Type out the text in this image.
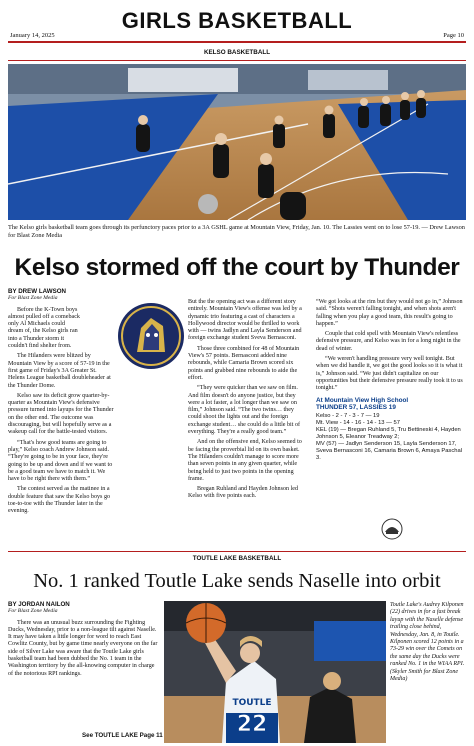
GIRLS BASKETBALL
January 14, 2025	Page 10
KELSO BASKETBALL
The Kelso girls basketball team goes through its perfunctory paces prior to a 3A GSHL game at Mountain View, Friday, Jan. 10. The Lassies went on to lose 57-19. — Drew Lawson for Blast Zone Media
Kelso stormed off the court by Thunder
BY DREW LAWSON
For Blast Zone Media

Before the K-Town boys almost pulled off a comeback only Al Michaels could dream of, the Kelso girls ran into a Thunder storm it couldn't find shelter from.

The Hilanders were blitzed by Mountain View by a score of 57-19 in the first game of Friday's 3A Greater St. Helens League basketball doubleheader at the Thunder Dome.

Kelso saw its deficit grow quarter-by-quarter as Mountain View's defensive pressure turned into layups for the Thunder on the other end. The outcome was discouraging, but will hopefully serve as a wakeup call for the battle-tested visitors.

“That's how good teams are going to play,” Kelso coach Andrew Johnson said. “They're going to be in your face, they're going to be up and down and if we want to be a good team we have to match it. We have to be right there with them.”

The contest served as the matinee in a double feature that saw the Kelso boys go toe-to-toe with the Thunder later in the evening.

But the the opening act was a different story entirely. Mountain View's offense was led by a dynamic trio featuring a cast of characters a Hollywood director would be thrilled to work with — twins Jadlyn and Layla Senderson and foreign exchange student Sveva Bernasconi.

Those three combined for 48 of Mountain View's 57 points. Bernasconi added nine rebounds, while Camaria Brown scored six points and grabbed nine rebounds to aide the effort.

“They were quicker than we saw on film. And film doesn't do anyone justice, but they were a lot faster, a lot longer than we saw on film,” Johnson said. “The two twins… they could shoot the lights out and the foreign exchange student… she could do a little bit of everything. They're a really good team.”

And on the offensive end, Kelso seemed to be facing the proverbial lid on its own basket. The Hilanders couldn't manage to score more than seven points in any given quarter, while being held to just two points in the opening frame.

Bregan Ruhland and Hayden Johnson led Kelso with five points each.

“We got looks at the rim but they would not go in,” Johnson said. “Shots weren't falling tonight, and when shots aren't falling when you play a good team, this result's going to happen.”

Couple that cold spell with Mountain View's relentless defensive pressure, and Kelso was in for a long night in the dead of winter.

“We weren't handling pressure very well tonight. But when we did handle it, we got the good looks so it is what it is,” Johnson said. “We just didn't capitalize on our opportunities but their defensive pressure really took it to us tonight.”

At Mountain View High School
THUNDER 57, LASSIES 19
Kelso - 2 - 7 - 3 - 7 — 19
Mt. View - 14 - 16 - 14 - 13 — 57
KEL (19) — Bregan Ruhland 5, Tru Bettineski 4, Hayden Johnson 5, Eleanor Treadway 2;
MV (57) — Jadlyn Senderson 15, Layla Senderson 17, Sveva Bernasconi 16, Camaria Brown 6, Amaya Paschal 3.
TOUTLE LAKE BASKETBALL
No. 1 ranked Toutle Lake sends Naselle into orbit
BY JORDAN NAILON
For Blast Zone Media

There was an unusual buzz surrounding the Fighting Ducks, Wednesday, prior to a non-league tilt against Naselle. It may have taken a little longer for word to reach East Cowlitz County, but by game time nearly everyone on the far side of Silver Lake was aware that the Toutle Lake girls basketball team had been dubbed the No. 1 team in the Washington territory by the all-knowing computer in charge of the notorious RPI rankings.

See TOUTLE LAKE Page 11
TOUTLE
22
Toutle Lake's Audrey Kilponen (22) drives in for a fast break layup with the Naselle defense trailing close behind, Wednesday, Jan. 8, in Toutle. Kilponen scored 12 points in a 73-29 win over the Comets on the same day the Ducks were ranked No. 1 in the WIAA RPI. (Skyler Smith for Blast Zone Media)
